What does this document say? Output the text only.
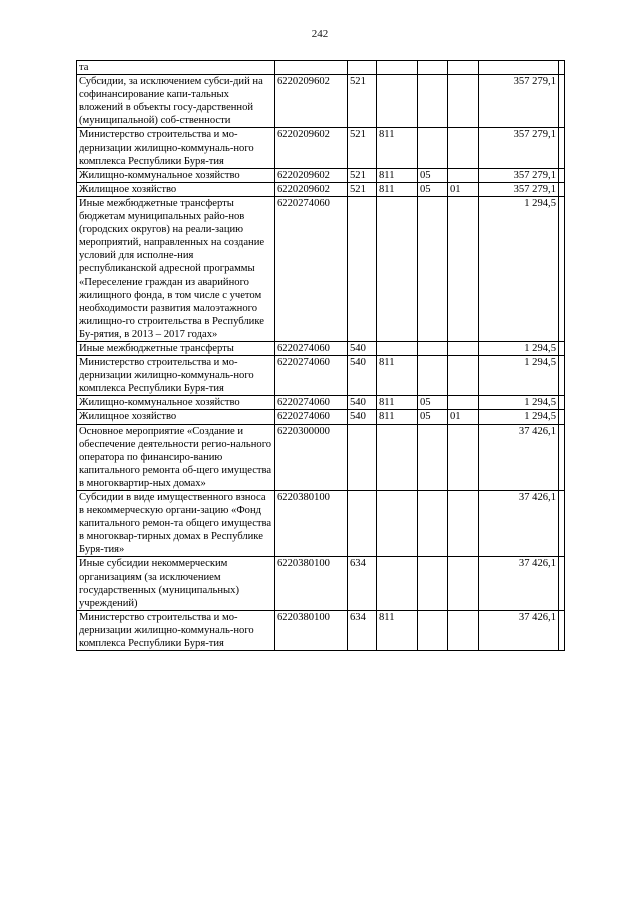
242
та							
Субсидии, за исключением субси-дий на софинансирование капи-тальных вложений в объекты госу-дарственной (муниципальной) соб-ственности	6220209602	521				357 279,1	
Министерство строительства и мо-дернизации жилищно-коммуналь-ного комплекса Республики Буря-тия	6220209602	521	811			357 279,1	
Жилищно-коммунальное хозяйство	6220209602	521	811	05		357 279,1	
Жилищное хозяйство	6220209602	521	811	05	01	357 279,1	
Иные межбюджетные трансферты бюджетам муниципальных райо-нов (городских округов) на реали-зацию мероприятий, направленных на создание условий для исполне-ния республиканской адресной программы «Переселение граждан из аварийного жилищного фонда, в том числе с учетом необходимости развития малоэтажного жилищно-го строительства в Республике Бу-рятия, в 2013 – 2017 годах»	6220274060					1 294,5	
Иные межбюджетные трансферты	6220274060	540				1 294,5	
Министерство строительства и мо-дернизации жилищно-коммуналь-ного комплекса Республики Буря-тия	6220274060	540	811			1 294,5	
Жилищно-коммунальное хозяйство	6220274060	540	811	05		1 294,5	
Жилищное хозяйство	6220274060	540	811	05	01	1 294,5	
Основное мероприятие «Создание и обеспечение деятельности регио-нального оператора по финансиро-ванию капитального ремонта об-щего имущества в многоквартир-ных домах»	6220300000					37 426,1	
Субсидии в виде имущественного взноса в некоммерческую органи-зацию «Фонд капитального ремон-та общего имущества в многоквар-тирных домах в Республике Буря-тия»	6220380100					37 426,1	
Иные субсидии некоммерческим организациям (за исключением государственных (муниципальных) учреждений)	6220380100	634				37 426,1	
Министерство строительства и мо-дернизации жилищно-коммуналь-ного комплекса Республики Буря-тия	6220380100	634	811			37 426,1	
